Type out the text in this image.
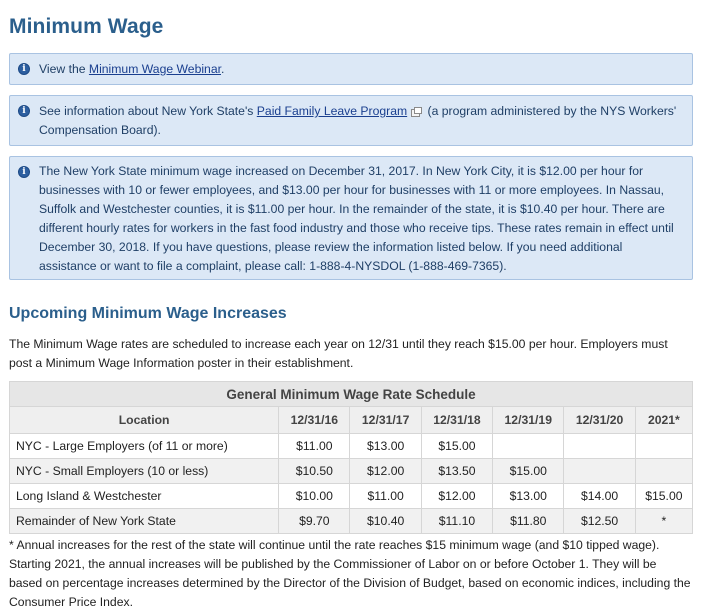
Minimum Wage
i	View the Minimum Wage Webinar.
i	See information about New York State's Paid Family Leave Program
(a program administered by the NYS Workers' Compensation Board).
i	The New York State minimum wage increased on December 31, 2017. In New York City, it is $12.00 per hour for businesses with 10 or fewer employees, and $13.00 per hour for businesses with 11 or more employees. In Nassau, Suffolk and Westchester counties, it is $11.00 per hour. In the remainder of the state, it is $10.40 per hour. There are different hourly rates for workers in the fast food industry and those who receive tips. These rates remain in effect until December 30, 2018. If you have questions, please review the information listed below. If you need additional assistance or want to file a complaint, please call: 1-888-4-NYSDOL (1-888-469-7365).
Upcoming Minimum Wage Increases

The Minimum Wage rates are scheduled to increase each year on 12/31 until they reach $15.00 per hour. Employers must post a Minimum Wage Information poster in their establishment.

General Minimum Wage Rate Schedule						
Location	12/31/16	12/31/17	12/31/18	12/31/19	12/31/20	2021*
NYC - Large Employers (of 11 or more)	$11.00	$13.00	$15.00			
NYC - Small Employers (10 or less)	$10.50	$12.00	$13.50	$15.00		
Long Island & Westchester	$10.00	$11.00	$12.00	$13.00	$14.00	$15.00
Remainder of New York State	$9.70	$10.40	$11.10	$11.80	$12.50	*

* Annual increases for the rest of the state will continue until the rate reaches $15 minimum wage (and $10 tipped wage). Starting 2021, the annual increases will be published by the Commissioner of Labor on or before October 1. They will be based on percentage increases determined by the Director of the Division of Budget, based on economic indices, including the Consumer Price Index.
